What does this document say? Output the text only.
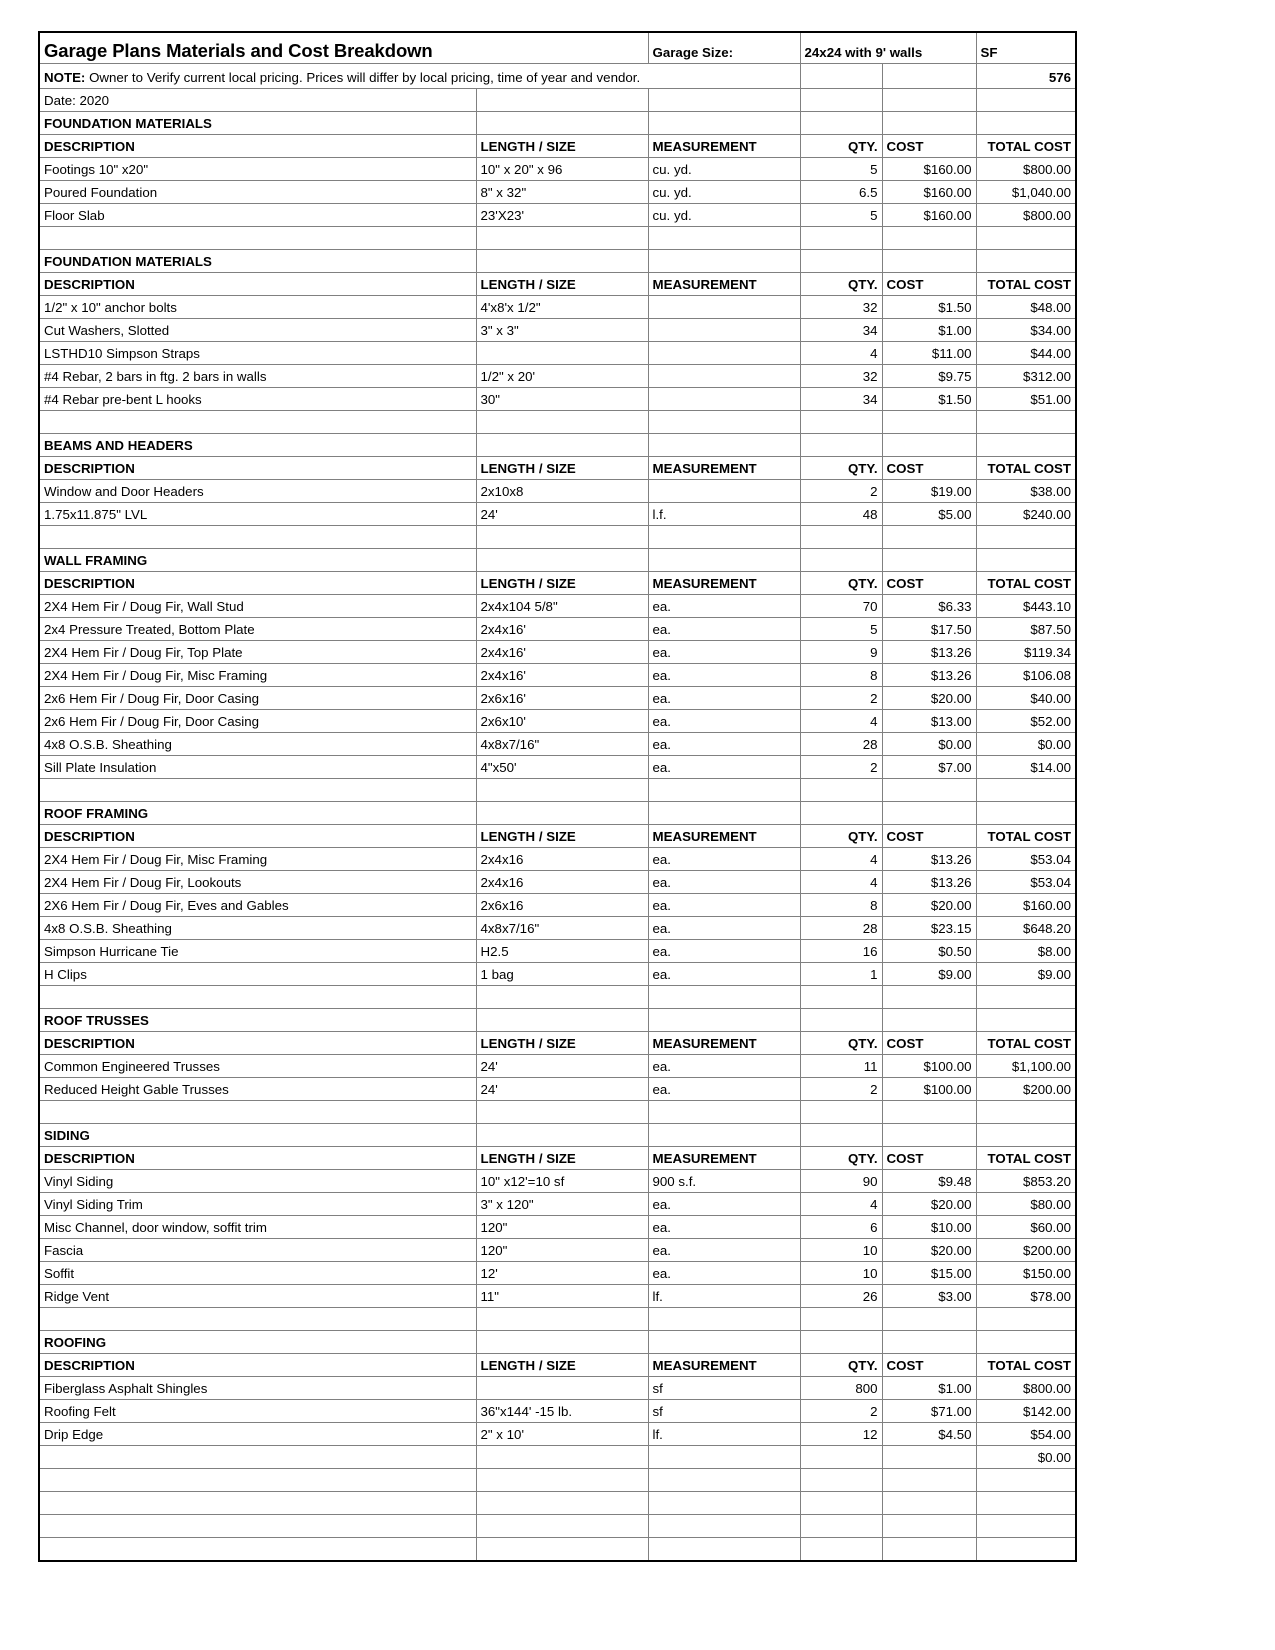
Garage Plans Materials and Cost Breakdown		Garage Size:	24x24 with 9' walls		SF
NOTE: Owner to Verify current local pricing. Prices will differ by local pricing, time of year and vendor.					576
Date: 2020					
FOUNDATION MATERIALS					
DESCRIPTION	LENGTH / SIZE	MEASUREMENT	QTY.	COST	TOTAL COST
Footings 10" x20"	10" x 20" x 96	cu. yd.	5	$160.00	$800.00
Poured Foundation	8" x 32"	cu. yd.	6.5	$160.00	$1,040.00
Floor Slab	23'X23'	cu. yd.	5	$160.00	$800.00

FOUNDATION MATERIALS					
DESCRIPTION	LENGTH / SIZE	MEASUREMENT	QTY.	COST	TOTAL COST
1/2" x 10" anchor bolts	4'x8'x 1/2"		32	$1.50	$48.00
Cut Washers, Slotted	3" x 3"		34	$1.00	$34.00
LSTHD10 Simpson Straps			4	$11.00	$44.00
#4 Rebar, 2 bars in ftg. 2 bars in walls	1/2" x 20'		32	$9.75	$312.00
#4 Rebar pre-bent L hooks	30"		34	$1.50	$51.00

BEAMS AND HEADERS					
DESCRIPTION	LENGTH / SIZE	MEASUREMENT	QTY.	COST	TOTAL COST
Window and Door Headers	2x10x8		2	$19.00	$38.00
1.75x11.875" LVL	24'	l.f.	48	$5.00	$240.00

WALL FRAMING					
DESCRIPTION	LENGTH / SIZE	MEASUREMENT	QTY.	COST	TOTAL COST
2X4 Hem Fir / Doug Fir, Wall Stud	2x4x104 5/8"	ea.	70	$6.33	$443.10
2x4 Pressure Treated, Bottom Plate	2x4x16'	ea.	5	$17.50	$87.50
2X4 Hem Fir / Doug Fir, Top Plate	2x4x16'	ea.	9	$13.26	$119.34
2X4 Hem Fir / Doug Fir, Misc Framing	2x4x16'	ea.	8	$13.26	$106.08
2x6 Hem Fir / Doug Fir, Door Casing	2x6x16'	ea.	2	$20.00	$40.00
2x6 Hem Fir / Doug Fir, Door Casing	2x6x10'	ea.	4	$13.00	$52.00
4x8 O.S.B. Sheathing	4x8x7/16"	ea.	28	$0.00	$0.00
Sill Plate Insulation	4"x50'	ea.	2	$7.00	$14.00

ROOF FRAMING					
DESCRIPTION	LENGTH / SIZE	MEASUREMENT	QTY.	COST	TOTAL COST
2X4 Hem Fir / Doug Fir, Misc Framing	2x4x16	ea.	4	$13.26	$53.04
2X4 Hem Fir / Doug Fir, Lookouts	2x4x16	ea.	4	$13.26	$53.04
2X6 Hem Fir / Doug Fir, Eves and Gables	2x6x16	ea.	8	$20.00	$160.00
4x8 O.S.B. Sheathing	4x8x7/16"	ea.	28	$23.15	$648.20
Simpson Hurricane Tie	H2.5	ea.	16	$0.50	$8.00
H Clips	1 bag	ea.	1	$9.00	$9.00

ROOF TRUSSES					
DESCRIPTION	LENGTH / SIZE	MEASUREMENT	QTY.	COST	TOTAL COST
Common Engineered Trusses	24'	ea.	11	$100.00	$1,100.00
Reduced Height Gable Trusses	24'	ea.	2	$100.00	$200.00

SIDING					
DESCRIPTION	LENGTH / SIZE	MEASUREMENT	QTY.	COST	TOTAL COST
Vinyl Siding	10" x12'=10 sf	900 s.f.	90	$9.48	$853.20
Vinyl Siding Trim	3" x 120"	ea.	4	$20.00	$80.00
Misc Channel, door window, soffit trim	120"	ea.	6	$10.00	$60.00
Fascia	120"	ea.	10	$20.00	$200.00
Soffit	12'	ea.	10	$15.00	$150.00
Ridge Vent	11"	lf.	26	$3.00	$78.00

ROOFING					
DESCRIPTION	LENGTH / SIZE	MEASUREMENT	QTY.	COST	TOTAL COST
Fiberglass Asphalt Shingles		sf	800	$1.00	$800.00
Roofing Felt	36"x144' -15 lb.	sf	2	$71.00	$142.00
Drip Edge	2" x 10'	lf.	12	$4.50	$54.00
					$0.00
